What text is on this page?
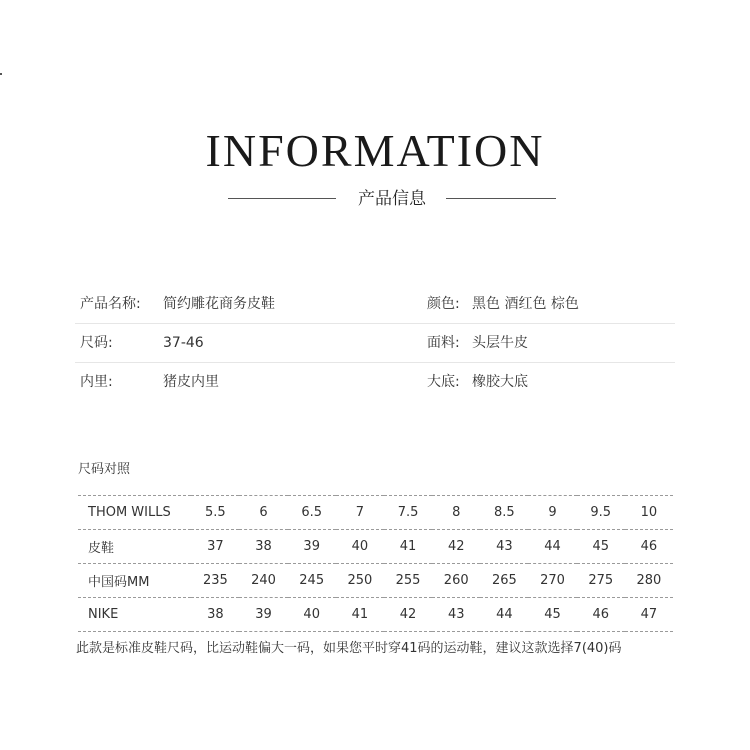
INFORMATION
产品信息
产品名称: 简约雕花商务皮鞋	颜色: 黑色 酒红色 棕色
尺码:	37-46	面料: 头层牛皮
内里:	猪皮内里	大底: 橡胶大底
尺码对照
THOM WILLS	5.5	6	6.5	7	7.5	8	8.5	9	9.5	10
皮鞋	37	38	39	40	41	42	43	44	45	46
中国码MM	235	240	245	250	255	260	265	270	275	280
NIKE	38	39	40	41	42	43	44	45	46	47
此款是标准皮鞋尺码，比运动鞋偏大一码，如果您平时穿41码的运动鞋，建议这款选择7(40)码
